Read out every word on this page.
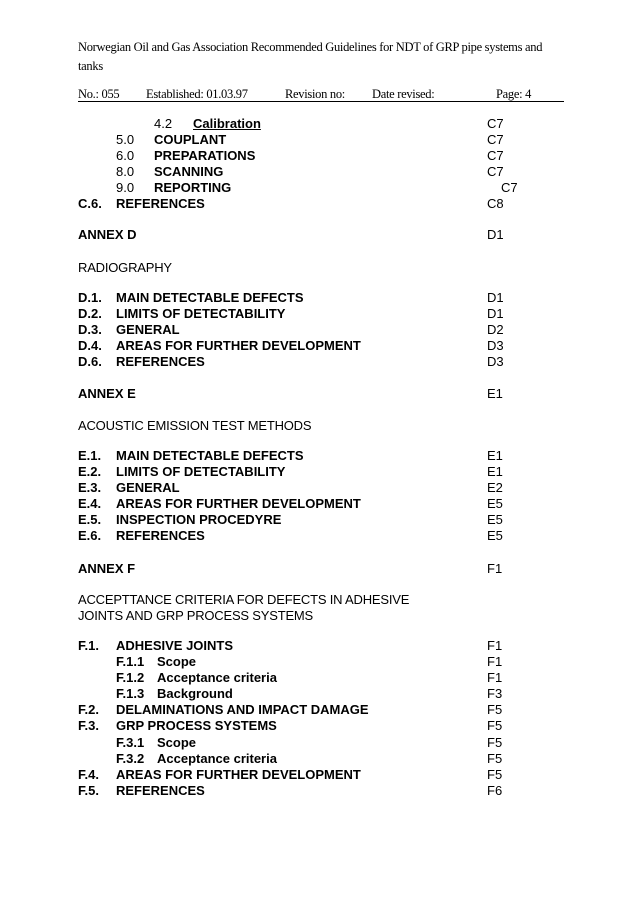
Norwegian Oil and Gas Association Recommended Guidelines for NDT of GRP pipe systems and tanks
No.: 055 Established: 01.03.97	Revision no: Date revised:	Page: 4
4.2 Calibration	C7
5.0 COUPLANT	C7
6.0 PREPARATIONS	C7
8.0 SCANNING	C7
9.0 REPORTING	C7
C.6. REFERENCES	C8
ANNEX D	D1
RADIOGRAPHY
D.1. MAIN DETECTABLE DEFECTS	D1
D.2. LIMITS OF DETECTABILITY	D1
D.3. GENERAL	D2
D.4. AREAS FOR FURTHER DEVELOPMENT	D3
D.6. REFERENCES	D3
ANNEX E	E1
ACOUSTIC EMISSION TEST METHODS
E.1. MAIN DETECTABLE DEFECTS	E1
E.2. LIMITS OF DETECTABILITY	E1
E.3. GENERAL	E2
E.4. AREAS FOR FURTHER DEVELOPMENT	E5
E.5. INSPECTION PROCEDYRE	E5
E.6. REFERENCES	E5
ANNEX F	F1
ACCEPTTANCE CRITERIA FOR DEFECTS IN ADHESIVE
JOINTS AND GRP PROCESS SYSTEMS
F.1. ADHESIVE JOINTS	F1
F.1.1 Scope	F1
F.1.2 Acceptance criteria	F1
F.1.3 Background	F3
F.2. DELAMINATIONS AND IMPACT DAMAGE	F5
F.3. GRP PROCESS SYSTEMS	F5
F.3.1 Scope	F5
F.3.2 Acceptance criteria	F5
F.4. AREAS FOR FURTHER DEVELOPMENT	F5
F.5. REFERENCES	F6
